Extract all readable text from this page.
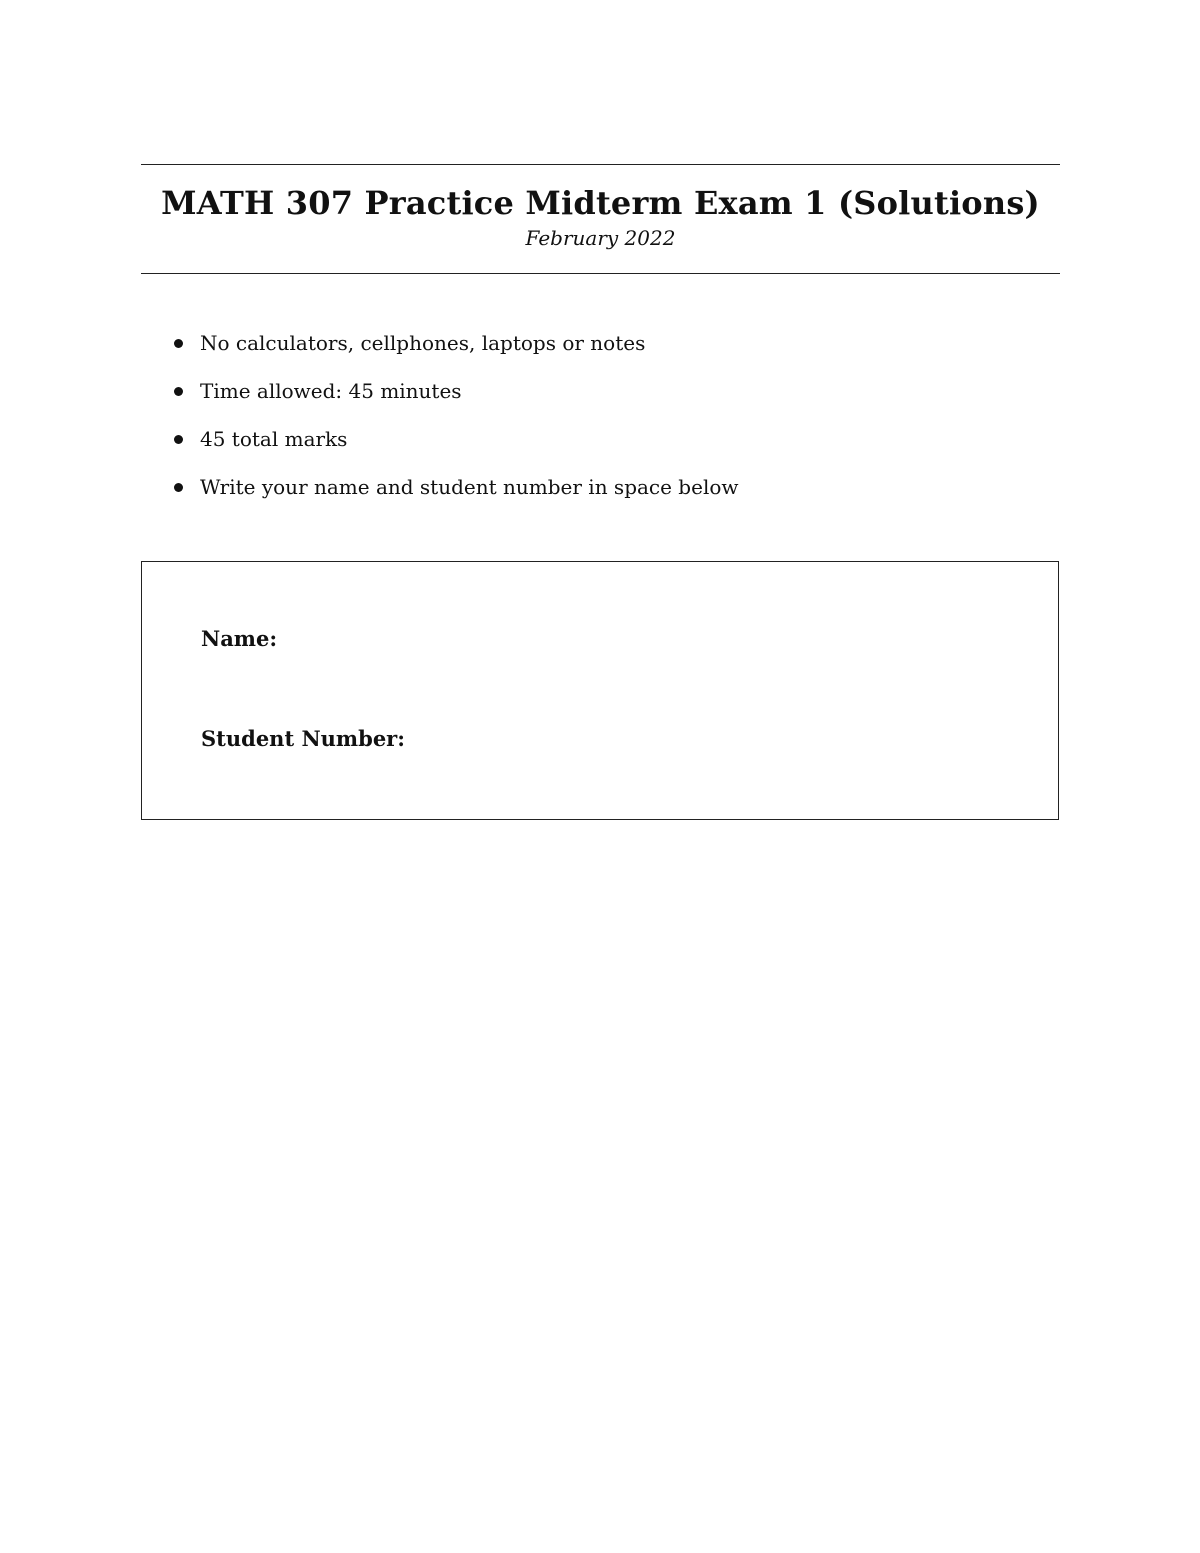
MATH 307 Practice Midterm Exam 1 (Solutions)
February 2022
No calculators, cellphones, laptops or notes
Time allowed: 45 minutes
45 total marks
Write your name and student number in space below
Name:
Student Number:
